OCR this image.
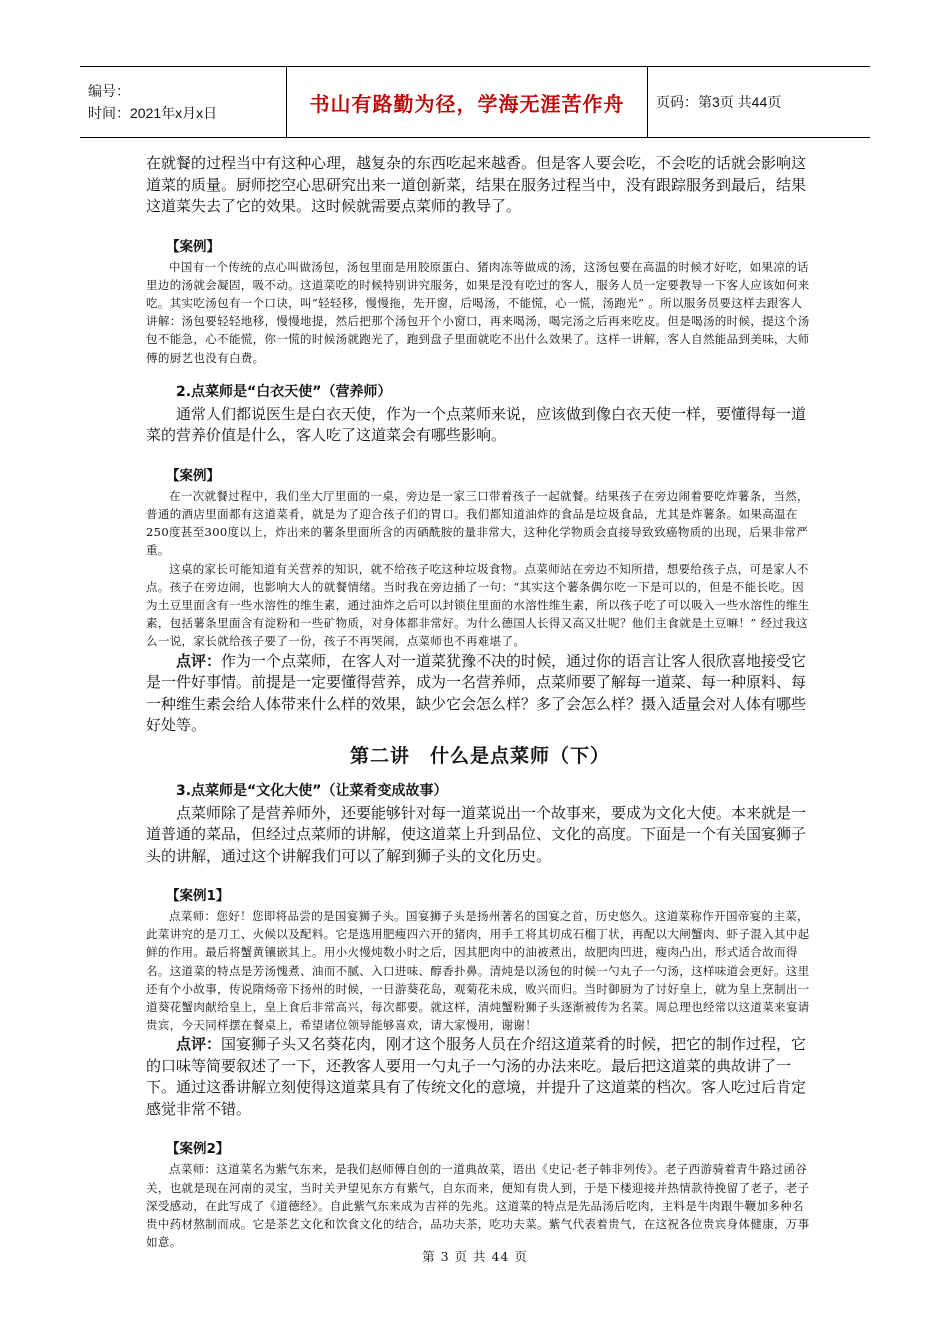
编号：
时间：2021年x月x日	书山有路勤为径，学海无涯苦作舟	页码：第3页 共44页

在就餐的过程当中有这种心理，越复杂的东西吃起来越香。但是客人要会吃，不会吃的话就会影响这道菜的质量。厨师挖空心思研究出来一道创新菜，结果在服务过程当中，没有跟踪服务到最后，结果这道菜失去了它的效果。这时候就需要点菜师的教导了。

【案例】

中国有一个传统的点心叫做汤包，汤包里面是用胶原蛋白、猪肉冻等做成的汤，这汤包要在高温的时候才好吃，如果凉的话里边的汤就会凝固，吸不动。这道菜吃的时候特别讲究服务，如果是没有吃过的客人，服务人员一定要教导一下客人应该如何来吃。其实吃汤包有一个口诀，叫“轻轻移，慢慢拖，先开窗，后喝汤，不能慌，心一慌，汤跑光” 。所以服务员要这样去跟客人讲解：汤包要轻轻地移，慢慢地提，然后把那个汤包开个小窗口，再来喝汤，喝完汤之后再来吃皮。但是喝汤的时候，提这个汤包不能急，心不能慌，你一慌的时候汤就跑光了，跑到盘子里面就吃不出什么效果了。这样一讲解，客人自然能品到美味，大师傅的厨艺也没有白费。

2.点菜师是“白衣天使”（营养师）

通常人们都说医生是白衣天使，作为一个点菜师来说，应该做到像白衣天使一样，要懂得每一道菜的营养价值是什么，客人吃了这道菜会有哪些影响。

【案例】

在一次就餐过程中，我们坐大厅里面的一桌，旁边是一家三口带着孩子一起就餐。结果孩子在旁边闹着要吃炸薯条，当然，普通的酒店里面都有这道菜肴，就是为了迎合孩子们的胃口。我们都知道油炸的食品是垃圾食品，尤其是炸薯条。如果高温在250度甚至300度以上，炸出来的薯条里面所含的丙硒酰胺的量非常大，这种化学物质会直接导致致癌物质的出现，后果非常严重。

这桌的家长可能知道有关营养的知识，就不给孩子吃这种垃圾食物。点菜师站在旁边不知所措，想要给孩子点，可是家人不点。孩子在旁边闹，也影响大人的就餐情绪。当时我在旁边插了一句：“其实这个薯条偶尔吃一下是可以的，但是不能长吃。因为土豆里面含有一些水溶性的维生素，通过油炸之后可以封锁住里面的水溶性维生素，所以孩子吃了可以吸入一些水溶性的维生素，包括薯条里面含有淀粉和一些矿物质，对身体都非常好。为什么德国人长得又高又壮呢？他们主食就是土豆嘛！” 经过我这么一说，家长就给孩子要了一份，孩子不再哭闹，点菜师也不再难堪了。

点评：作为一个点菜师，在客人对一道菜犹豫不决的时候，通过你的语言让客人很欣喜地接受它是一件好事情。前提是一定要懂得营养，成为一名营养师，点菜师要了解每一道菜、每一种原料、每一种维生素会给人体带来什么样的效果，缺少它会怎么样？多了会怎么样？摄入适量会对人体有哪些好处等。

第二讲　什么是点菜师（下）
3.点菜师是“文化大使”（让菜肴变成故事）

点菜师除了是营养师外，还要能够针对每一道菜说出一个故事来，要成为文化大使。本来就是一道普通的菜品，但经过点菜师的讲解，使这道菜上升到品位、文化的高度。下面是一个有关国宴狮子头的讲解，通过这个讲解我们可以了解到狮子头的文化历史。

【案例1】

点菜师：您好！您即将品尝的是国宴狮子头。国宴狮子头是扬州著名的国宴之首，历史悠久。这道菜称作开国帝宴的主菜，此菜讲究的是刀工、火候以及配料。它是选用肥瘦四六开的猪肉，用手工将其切成石榴丁状，再配以大闸蟹肉、虾子混入其中起鲜的作用。最后将蟹黄镶嵌其上。用小火慢炖数小时之后，因其肥肉中的油被煮出，故肥肉凹进，瘦肉凸出，形式适合故而得名。这道菜的特点是芳汤愧煮、油而不腻、入口进味、醇香扑鼻。清炖是以汤包的时候一勺丸子一勺汤，这样味道会更好。这里还有个小故事，传说隋炀帝下扬州的时候，一日游葵花岛，观菊花未成，败兴而归。当时御厨为了讨好皇上，就为皇上烹制出一道葵花蟹肉献给皇上，皇上食后非常高兴，每次都要。就这样，清炖蟹粉狮子头逐渐被传为名菜。周总理也经常以这道菜来宴请贵宾，今天同样摆在餐桌上，希望诸位领导能够喜欢，请大家慢用，谢谢！

点评：国宴狮子头又名葵花肉，刚才这个服务人员在介绍这道菜肴的时候，把它的制作过程，它的口味等简要叙述了一下，还教客人要用一勺丸子一勺汤的办法来吃。最后把这道菜的典故讲了一下。通过这番讲解立刻使得这道菜具有了传统文化的意境，并提升了这道菜的档次。客人吃过后肯定感觉非常不错。

【案例2】

点菜师：这道菜名为紫气东来，是我们赵师傅自创的一道典故菜，语出《史记·老子韩非列传》。老子西游骑着青牛路过函谷关，也就是现在河南的灵宝，当时关尹望见东方有紫气，自东而来，便知有贵人到，于是下楼迎接并热情款待挽留了老子，老子深受感动，在此写成了《道德经》。自此紫气东来成为吉祥的先兆。这道菜的特点是先品汤后吃肉，主料是牛肉跟牛鞭加多种名贵中药材熬制而成。它是茶艺文化和饮食文化的结合，品功夫茶，吃功夫菜。紫气代表着贵气，在这祝各位贵宾身体健康，万事如意。

第 3 页 共 44 页
